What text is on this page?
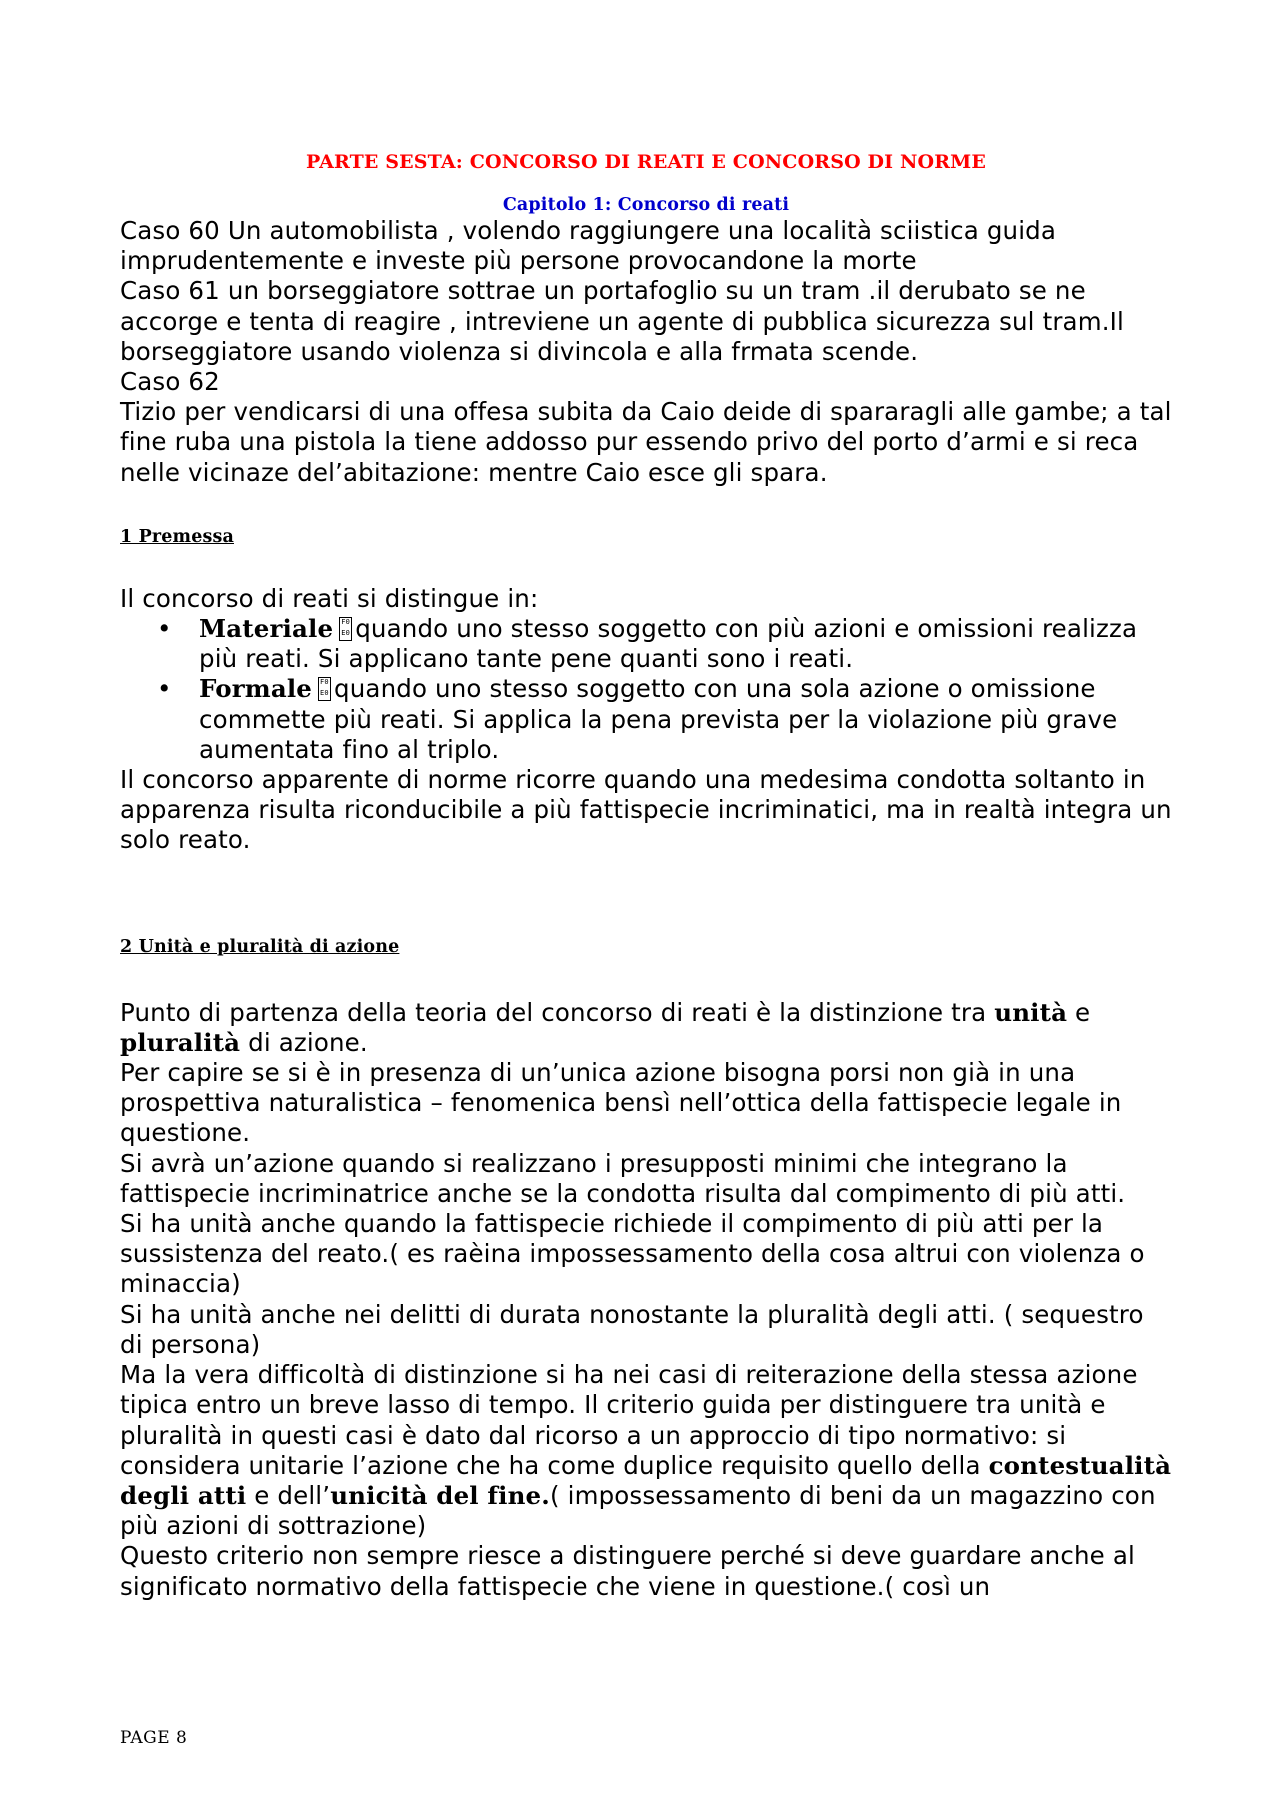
PARTE SESTA: CONCORSO DI REATI E CONCORSO DI NORME
Capitolo 1: Concorso di reati

Caso 60 Un automobilista , volendo raggiungere una località sciistica guida imprudentemente e investe più persone provocandone la morte

Caso 61 un borseggiatore sottrae un portafoglio su un tram .il derubato se ne accorge e tenta di reagire , intreviene un agente di pubblica sicurezza sul tram.Il borseggiatore usando violenza si divincola e alla frmata scende.

Caso 62

Tizio per vendicarsi di una offesa subita da Caio deide di spararagli alle gambe; a tal fine ruba una pistola la tiene addosso pur essendo privo del porto d’armi e si reca nelle vicinaze del’abitazione: mentre Caio esce gli spara.

1 Premessa

Il concorso di reati si distingue in:

• Materiale F0 E0 quando uno stesso soggetto con più azioni e omissioni realizza più reati. Si applicano tante pene quanti sono i reati.
• Formale F0 E0 quando uno stesso soggetto con una sola azione o omissione commette più reati. Si applica la pena prevista per la violazione più grave aumentata fino al triplo.

Il concorso apparente di norme ricorre quando una medesima condotta soltanto in apparenza risulta riconducibile a più fattispecie incriminatici, ma in realtà integra un solo reato.

2 Unità e pluralità di azione

Punto di partenza della teoria del concorso di reati è la distinzione tra unità e pluralità di azione.

Per capire se si è in presenza di un’unica azione bisogna porsi non già in una prospettiva naturalistica – fenomenica bensì nell’ottica della fattispecie legale in questione.

Si avrà un’azione quando si realizzano i presupposti minimi che integrano la fattispecie incriminatrice anche se la condotta risulta dal compimento di più atti.

Si ha unità anche quando la fattispecie richiede il compimento di più atti per la sussistenza del reato.( es raèina impossessamento della cosa altrui con violenza o minaccia)

Si ha unità anche nei delitti di durata nonostante la pluralità degli atti. ( sequestro di persona)

Ma la vera difficoltà di distinzione si ha nei casi di reiterazione della stessa azione tipica entro un breve lasso di tempo. Il criterio guida per distinguere tra unità e pluralità in questi casi è dato dal ricorso a un approccio di tipo normativo: si considera unitarie l’azione che ha come duplice requisito quello della contestualità degli atti e dell’unicità del fine.( impossessamento di beni da un magazzino con più azioni di sottrazione)

Questo criterio non sempre riesce a distinguere perché si deve guardare anche al significato normativo della fattispecie che viene in questione.( così un

PAGE 8
